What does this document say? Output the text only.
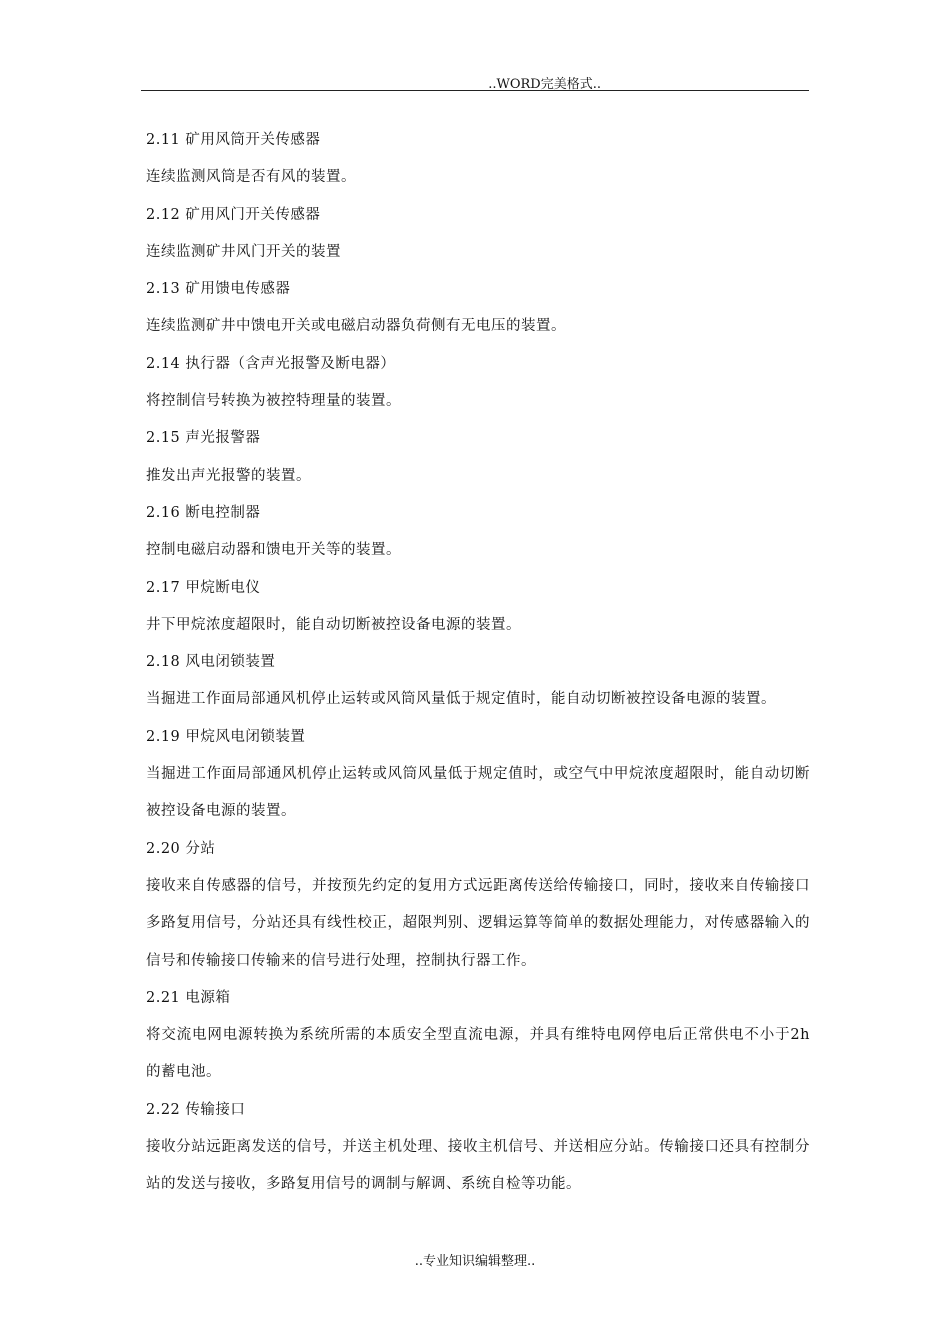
..WORD完美格式..
2.11 矿用风筒开关传感器
连续监测风筒是否有风的装置。
2.12 矿用风门开关传感器
连续监测矿井风门开关的装置
2.13 矿用馈电传感器
连续监测矿井中馈电开关或电磁启动器负荷侧有无电压的装置。
2.14 执行器（含声光报警及断电器）
将控制信号转换为被控特理量的装置。
2.15 声光报警器
推发出声光报警的装置。
2.16 断电控制器
控制电磁启动器和馈电开关等的装置。
2.17 甲烷断电仪
井下甲烷浓度超限时，能自动切断被控设备电源的装置。
2.18 风电闭锁装置
当掘进工作面局部通风机停止运转或风筒风量低于规定值时，能自动切断被控设备电源的装置。
2.19 甲烷风电闭锁装置
当掘进工作面局部通风机停止运转或风筒风量低于规定值时，或空气中甲烷浓度超限时，能自动切断被控设备电源的装置。
2.20 分站
接收来自传感器的信号，并按预先约定的复用方式远距离传送给传输接口，同时，接收来自传输接口多路复用信号，分站还具有线性校正，超限判别、逻辑运算等简单的数据处理能力，对传感器输入的信号和传输接口传输来的信号进行处理，控制执行器工作。
2.21 电源箱
将交流电网电源转换为系统所需的本质安全型直流电源，并具有维特电网停电后正常供电不小于2h的蓄电池。
2.22 传输接口
接收分站远距离发送的信号，并送主机处理、接收主机信号、并送相应分站。传输接口还具有控制分站的发送与接收，多路复用信号的调制与解调、系统自检等功能。
..专业知识编辑整理..
